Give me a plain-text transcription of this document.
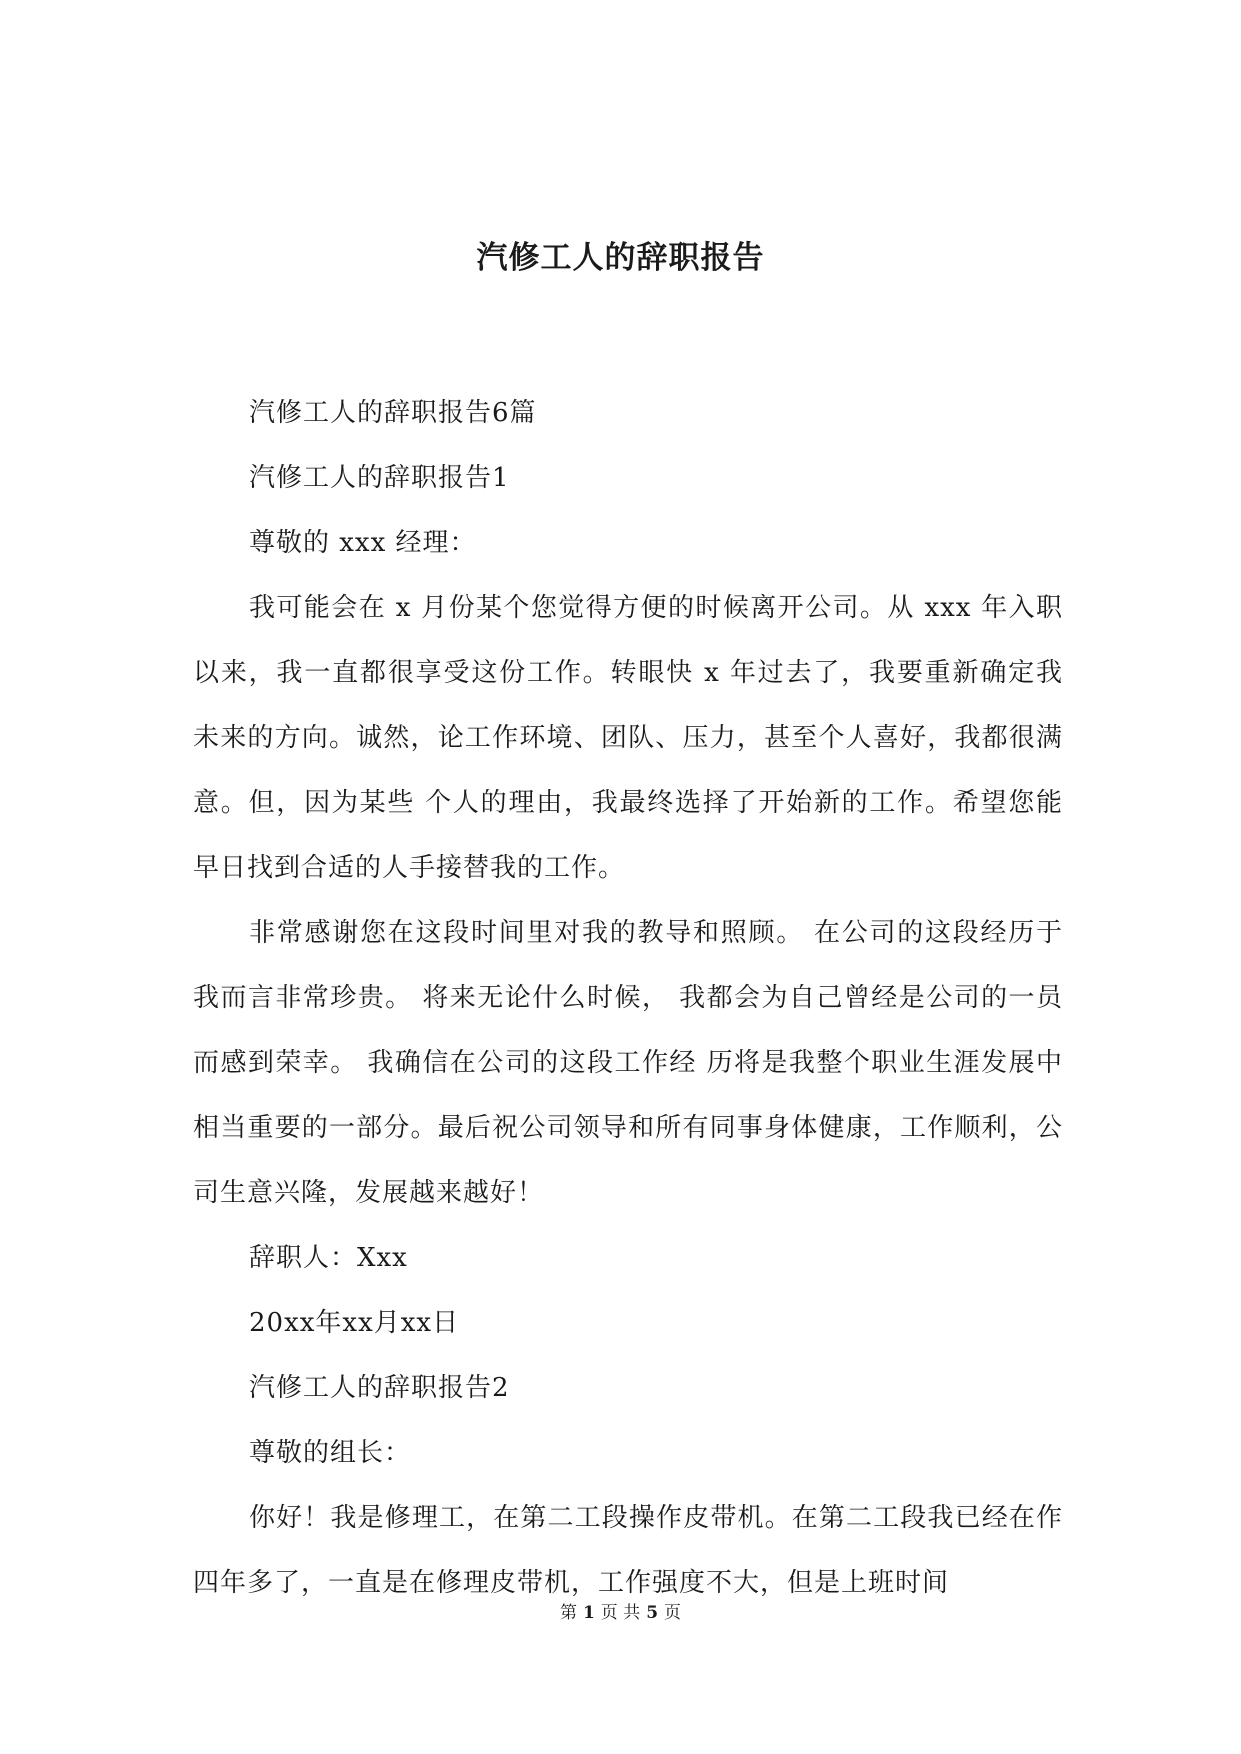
汽修工人的辞职报告

汽修工人的辞职报告6篇

汽修工人的辞职报告1

尊敬的 xxx 经理：

我可能会在 x 月份某个您觉得方便的时候离开公司。从 xxx 年入职以来，我一直都很享受这份工作。转眼快 x 年过去了，我要重新确定我 未来的方向。诚然，论工作环境、团队、压力，甚至个人喜好，我都很满意。但，因为某些 个人的理由，我最终选择了开始新的工作。希望您能早日找到合适的人手接替我的工作。

非常感谢您在这段时间里对我的教导和照顾。 在公司的这段经历于我而言非常珍贵。 将来无论什么时候， 我都会为自己曾经是公司的一员而感到荣幸。 我确信在公司的这段工作经 历将是我整个职业生涯发展中相当重要的一部分。最后祝公司领导和所有同事身体健康，工作顺利，公司生意兴隆，发展越来越好！

辞职人：Xxx

20xx年xx月xx日

汽修工人的辞职报告2

尊敬的组长：

你好！我是修理工，在第二工段操作皮带机。在第二工段我已经在作四年多了，一直是在修理皮带机，工作强度不大，但是上班时间

第 1 页 共 5 页
